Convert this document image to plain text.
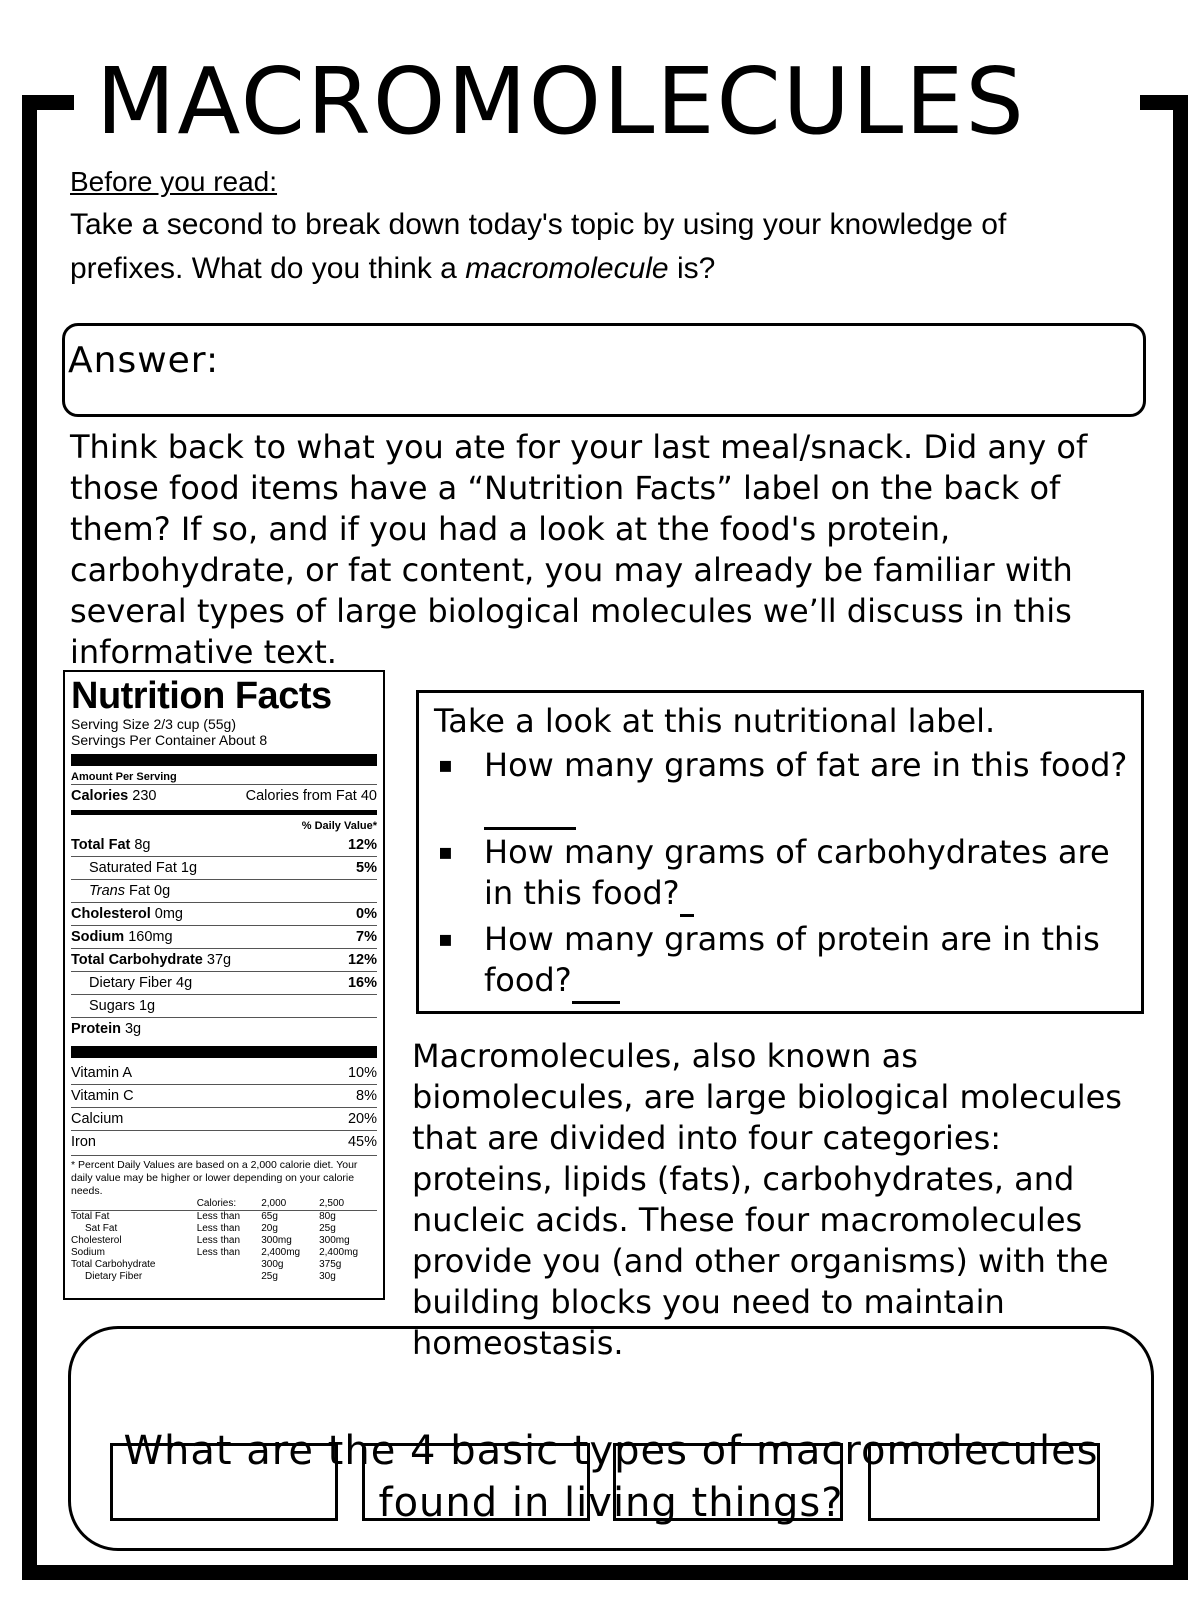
MACROMOLECULES
Before you read:
Take a second to break down today's topic by using your knowledge of
prefixes. What do you think a macromolecule is?
Answer:
Think back to what you ate for your last meal/snack. Did any of those food items have a “Nutrition Facts” label on the back of them? If so, and if you had a look at the food's protein, carbohydrate, or fat content, you may already be familiar with several types of large biological molecules we’ll discuss in this informative text.
Nutrition Facts
Serving Size 2/3 cup (55g)
Servings Per Container About 8
Amount Per Serving
Calories 230	Calories from Fat 40
% Daily Value*
Total Fat 8g	12%
Saturated Fat 1g	5%
Trans Fat 0g
Cholesterol 0mg	0%
Sodium 160mg	7%
Total Carbohydrate 37g	12%
Dietary Fiber 4g	16%
Sugars 1g
Protein 3g
Vitamin A	10%
Vitamin C	8%
Calcium	20%
Iron	45%
* Percent Daily Values are based on a 2,000 calorie diet. Your daily value may be higher or lower depending on your calorie needs.
	Calories:	2,000	2,500
Total Fat	Less than	65g	80g
Sat Fat	Less than	20g	25g
Cholesterol	Less than	300mg	300mg
Sodium	Less than	2,400mg	2,400mg
Total Carbohydrate		300g	375g
Dietary Fiber		25g	30g
Take a look at this nutritional label.
▪ How many grams of fat are in this food?
▪ How many grams of carbohydrates are in this food?
▪ How many grams of protein are in this food?
Macromolecules, also known as biomolecules, are large biological molecules that are divided into four categories: proteins, lipids (fats), carbohydrates, and nucleic acids. These four macromolecules provide you (and other organisms) with the building blocks you need to maintain homeostasis.
What are the 4 basic types of macromolecules found in living things?
